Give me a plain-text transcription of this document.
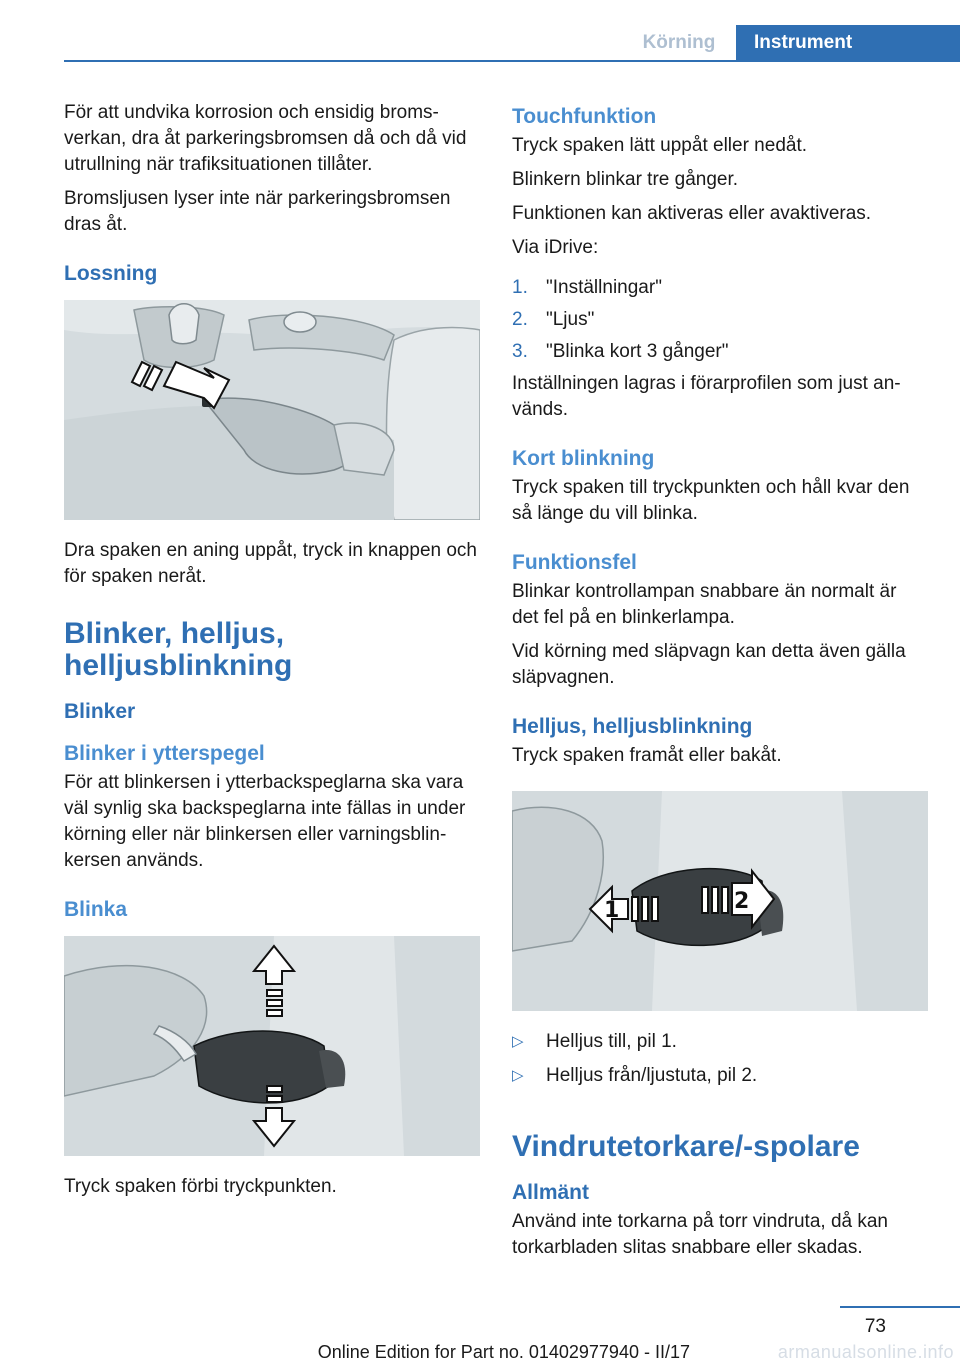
Körning	Instrument

För att undvika korrosion och ensidig broms-verkan, dra åt parkeringsbromsen då och då vid utrullning när trafiksituationen tillåter.

Bromsljusen lyser inte när parkeringsbromsen dras åt.

Lossning

Dra spaken en aning uppåt, tryck in knappen och för spaken neråt.

Blinker, helljus, helljusblinkning
Blinker
Blinker i ytterspegel

För att blinkersen i ytterbackspeglarna ska vara väl synlig ska backspeglarna inte fällas in under körning eller när blinkersen eller varningsblin-kersen används.

Blinka

Tryck spaken förbi tryckpunkten.

Touchfunktion

Tryck spaken lätt uppåt eller nedåt.

Blinkern blinkar tre gånger.

Funktionen kan aktiveras eller avaktiveras.

Via iDrive:

1. "Inställningar"
2. "Ljus"
3. "Blinka kort 3 gånger"

Inställningen lagras i förarprofilen som just an-vänds.

Kort blinkning

Tryck spaken till tryckpunkten och håll kvar den så länge du vill blinka.

Funktionsfel

Blinkar kontrollampan snabbare än normalt är det fel på en blinkerlampa.

Vid körning med släpvagn kan detta även gälla släpvagnen.

Helljus, helljusblinkning

Tryck spaken framåt eller bakåt.

1	2
▷	Helljus till, pil 1.
▷	Helljus från/ljustuta, pil 2.
Vindrutetorkare/-spolare
Allmänt

Använd inte torkarna på torr vindruta, då kan torkarbladen slitas snabbare eller skadas.

73
Online Edition for Part no. 01402977940 - II/17	armanualsonline.info
